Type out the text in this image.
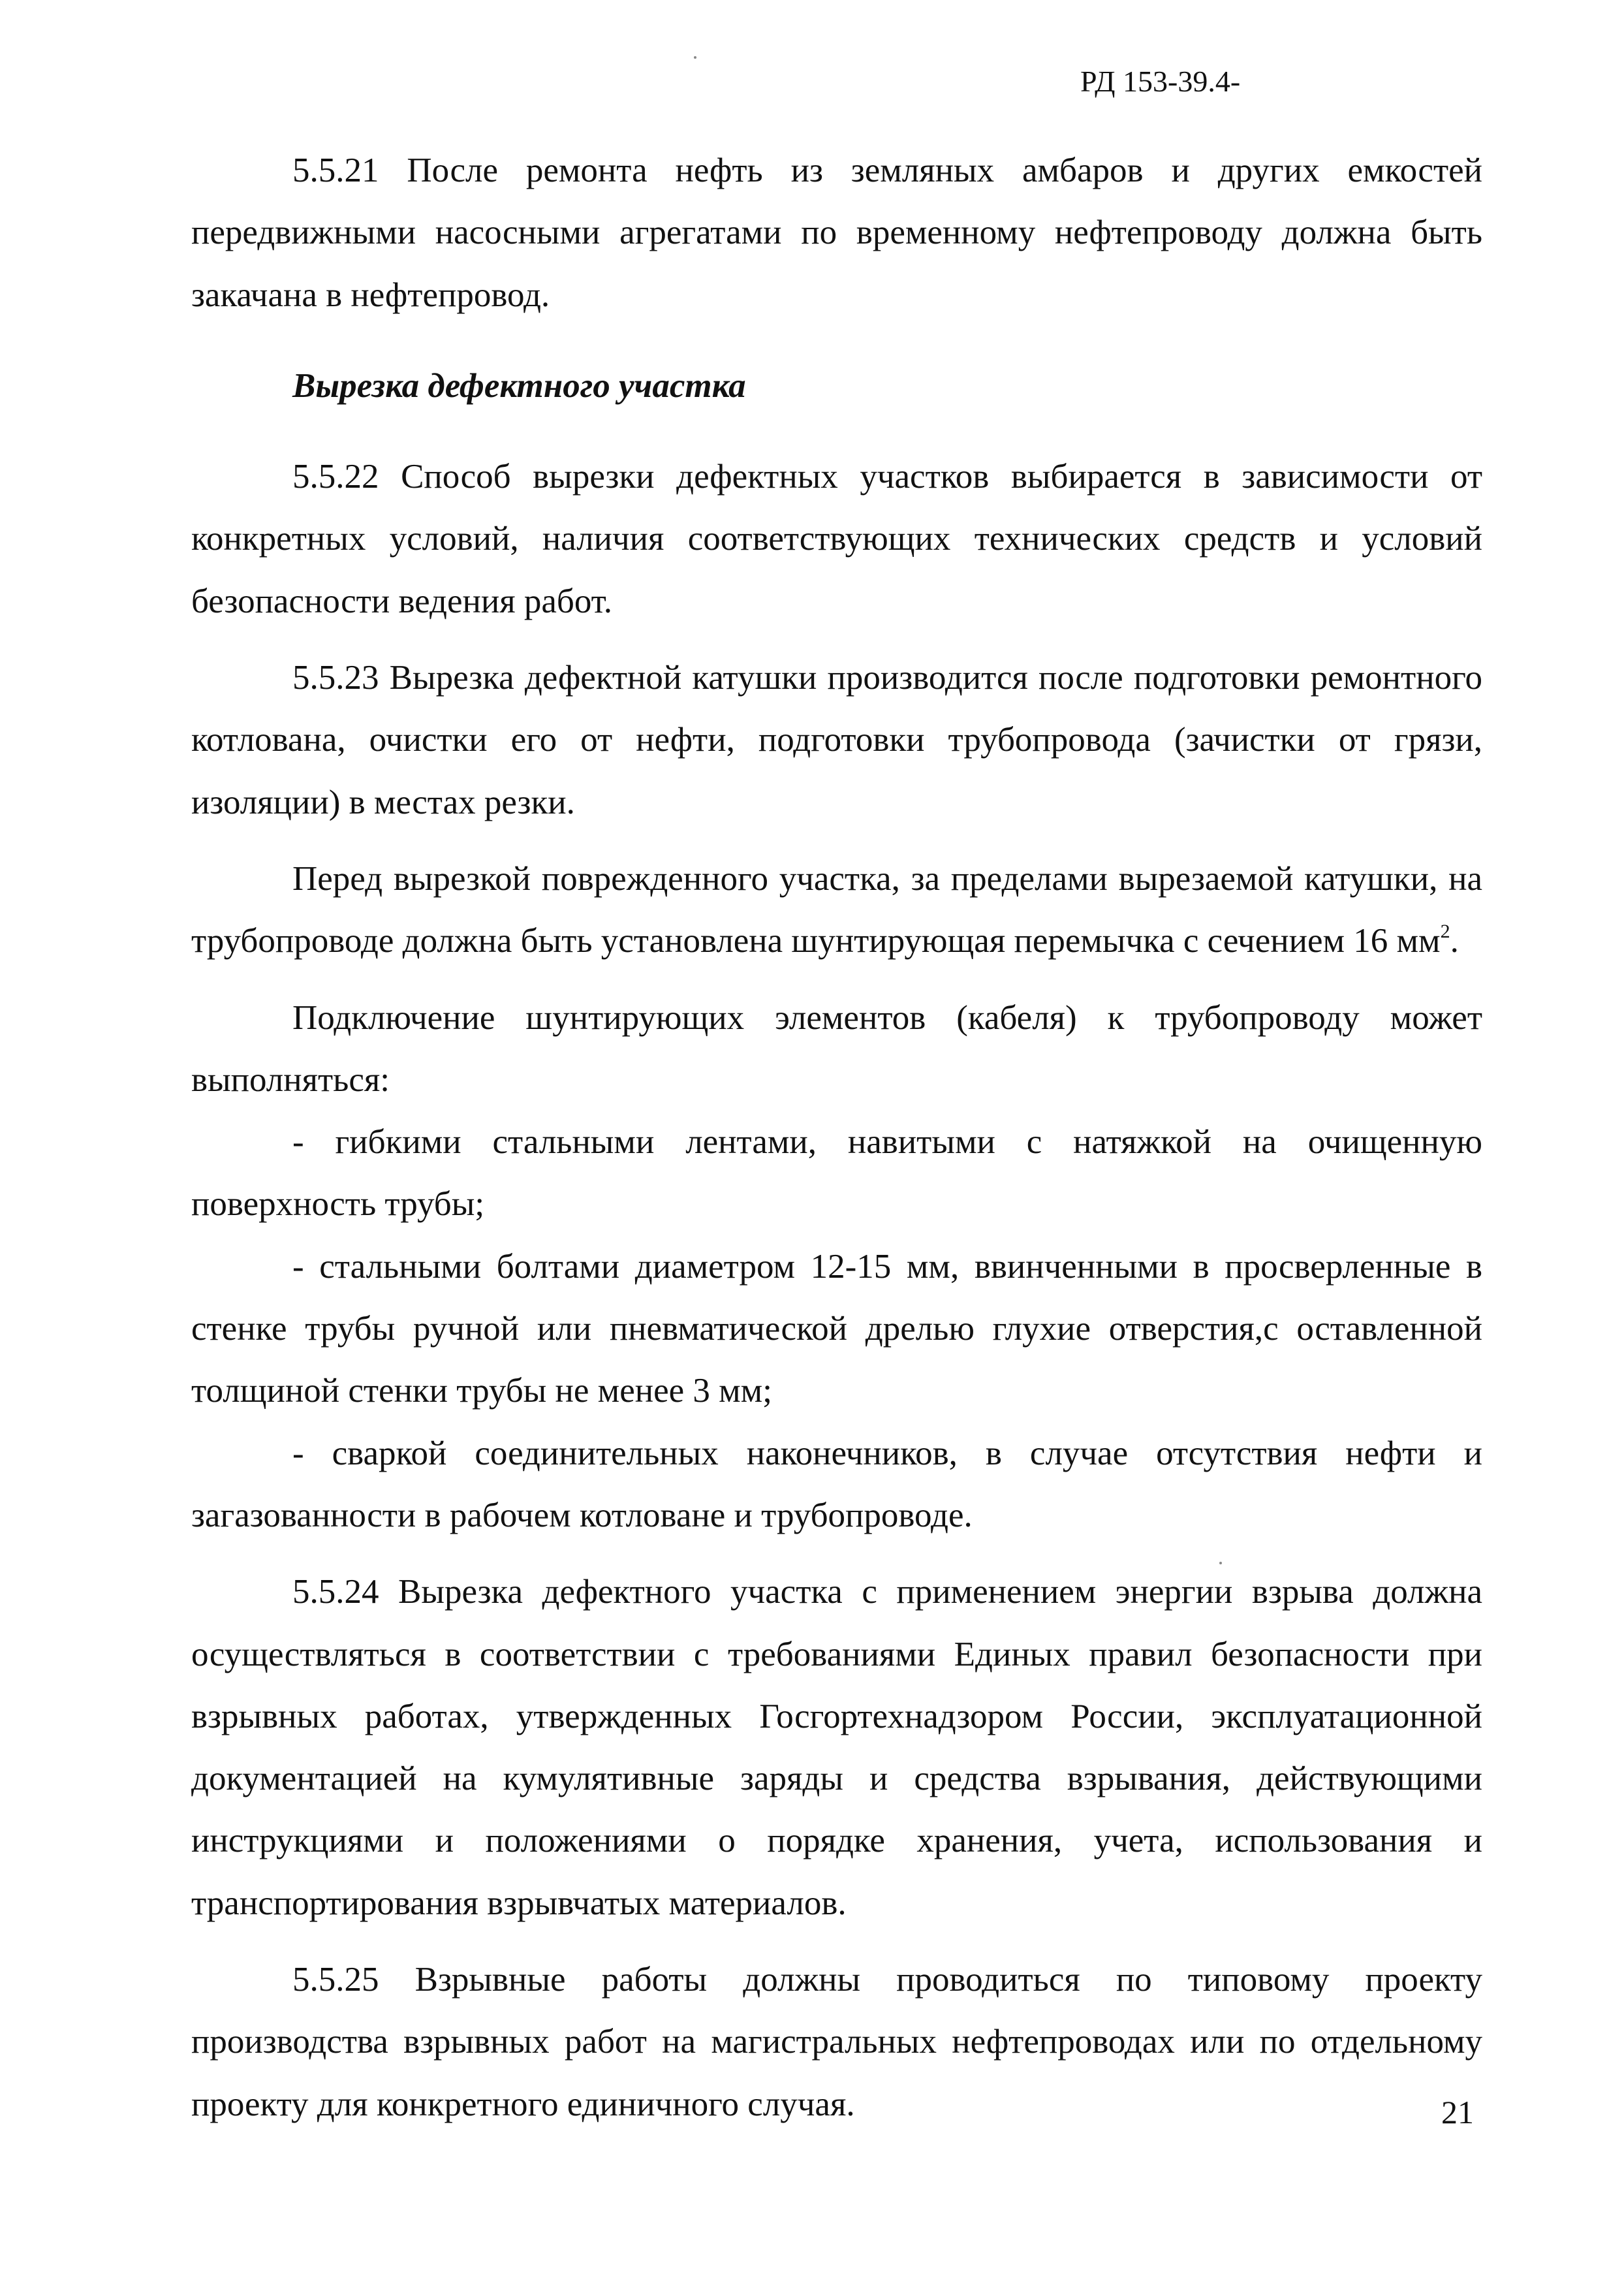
РД 153-39.4-

5.5.21 После ремонта нефть из земляных амбаров и других емкостей передвижными насосными агрегатами по временному нефтепроводу должна быть закачана в нефтепровод.

Вырезка дефектного участка

5.5.22 Способ вырезки дефектных участков выбирается в зависимости от конкретных условий, наличия соответствующих технических средств и условий безопасности ведения работ.

5.5.23 Вырезка дефектной катушки производится после подготовки ремонтного котлована, очистки его от нефти, подготовки трубопровода (зачистки от грязи, изоляции) в местах резки.

Перед вырезкой поврежденного участка, за пределами вырезаемой катушки, на трубопроводе должна быть установлена шунтирующая перемычка с сечением 16 $мм^2$.

Подключение шунтирующих элементов (кабеля) к трубопроводу может выполняться:

- гибкими стальными лентами, навитыми с натяжкой на очищенную поверхность трубы;

- стальными болтами диаметром 12-15 мм, ввинченными в просверленные в стенке трубы ручной или пневматической дрелью глухие отверстия,с оставленной толщиной стенки трубы не менее 3 мм;

- сваркой соединительных наконечников, в случае отсутствия нефти и загазованности в рабочем котловане и трубопроводе.

5.5.24 Вырезка дефектного участка с применением энергии взрыва должна осуществляться в соответствии с требованиями Единых правил безопасности при взрывных работах, утвержденных Госгортехнадзором России, эксплуатационной документацией на кумулятивные заряды и средства взрывания, действующими инструкциями и положениями о порядке хранения, учета, использования и транспортирования взрывчатых материалов.

5.5.25 Взрывные работы должны проводиться по типовому проекту производства взрывных работ на магистральных нефтепроводах или по отдельному проекту для конкретного единичного случая.	21
